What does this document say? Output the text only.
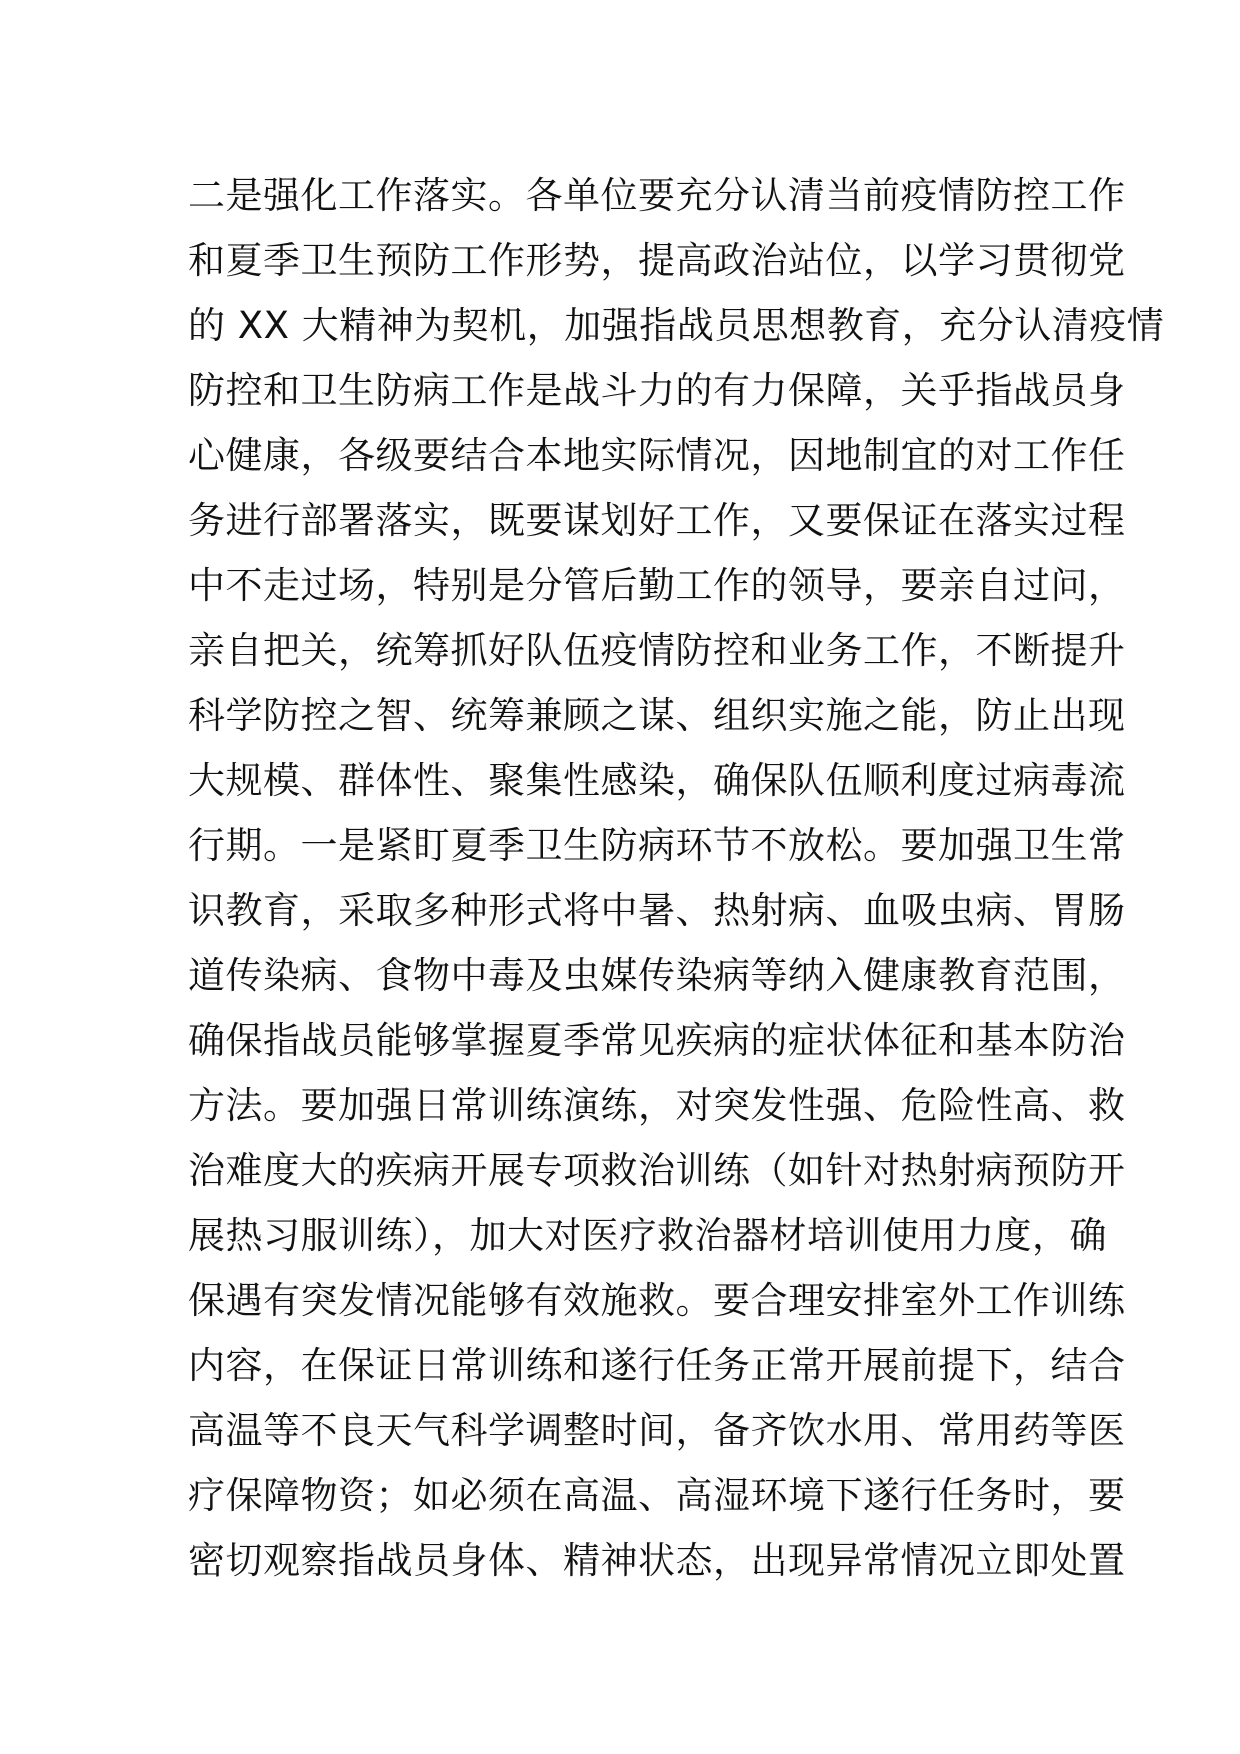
二是强化工作落实。各单位要充分认清当前疫情防控工作
和夏季卫生预防工作形势，提高政治站位，以学习贯彻党
的 XX 大精神为契机，加强指战员思想教育，充分认清疫情
防控和卫生防病工作是战斗力的有力保障，关乎指战员身
心健康，各级要结合本地实际情况，因地制宜的对工作任
务进行部署落实，既要谋划好工作，又要保证在落实过程
中不走过场，特别是分管后勤工作的领导，要亲自过问，
亲自把关，统筹抓好队伍疫情防控和业务工作，不断提升
科学防控之智、统筹兼顾之谋、组织实施之能，防止出现
大规模、群体性、聚集性感染，确保队伍顺利度过病毒流
行期。一是紧盯夏季卫生防病环节不放松。要加强卫生常
识教育，采取多种形式将中暑、热射病、血吸虫病、胃肠
道传染病、食物中毒及虫媒传染病等纳入健康教育范围，
确保指战员能够掌握夏季常见疾病的症状体征和基本防治
方法。要加强日常训练演练，对突发性强、危险性高、救
治难度大的疾病开展专项救治训练（如针对热射病预防开
展热习服训练），加大对医疗救治器材培训使用力度，确
保遇有突发情况能够有效施救。要合理安排室外工作训练
内容，在保证日常训练和遂行任务正常开展前提下，结合
高温等不良天气科学调整时间，备齐饮水用、常用药等医
疗保障物资；如必须在高温、高湿环境下遂行任务时，要
密切观察指战员身体、精神状态，出现异常情况立即处置
